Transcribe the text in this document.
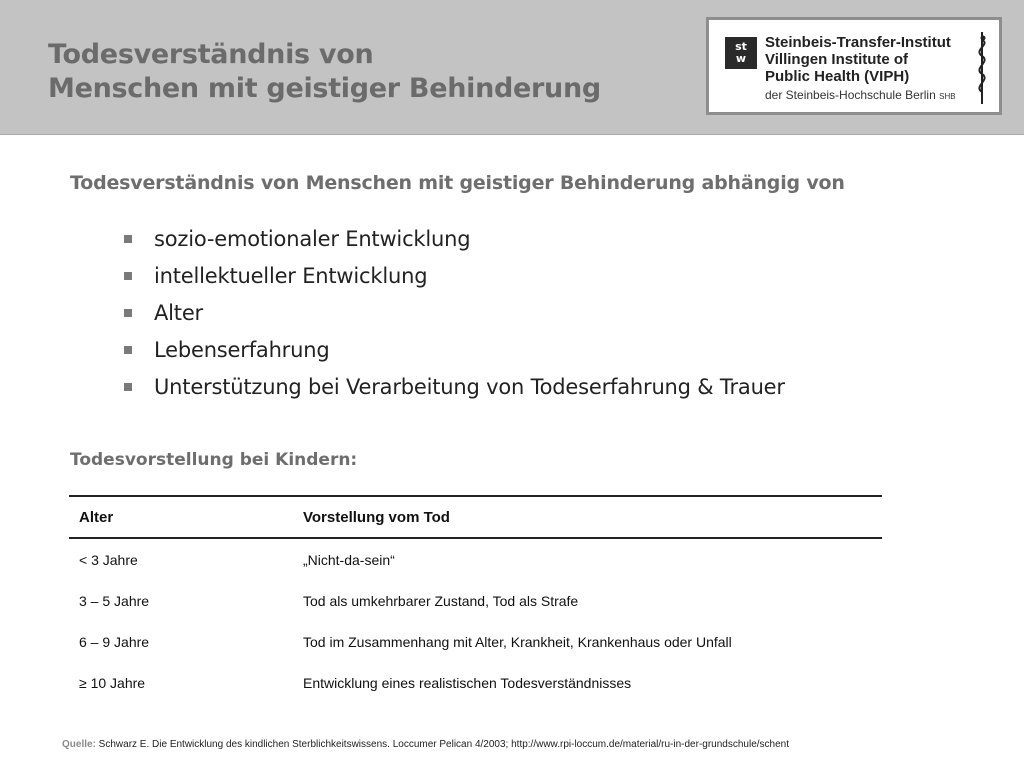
Todesverständnis von
Menschen mit geistiger Behinderung
st
w
Steinbeis-Transfer-Institut
Villingen Institute of
Public Health (VIPH)
der Steinbeis-Hochschule Berlin SHB
Todesverständnis von Menschen mit geistiger Behinderung abhängig von
sozio-emotionaler Entwicklung
intellektueller Entwicklung
Alter
Lebenserfahrung
Unterstützung bei Verarbeitung von Todeserfahrung & Trauer
Todesvorstellung bei Kindern:
Alter	Vorstellung vom Tod
< 3 Jahre	„Nicht-da-sein“
3 – 5 Jahre	Tod als umkehrbarer Zustand, Tod als Strafe
6 – 9 Jahre	Tod im Zusammenhang mit Alter, Krankheit, Krankenhaus oder Unfall
≥ 10 Jahre	Entwicklung eines realistischen Todesverständnisses
Quelle: Schwarz E. Die Entwicklung des kindlichen Sterblichkeitswissens. Loccumer Pelican 4/2003; http://www.rpi-loccum.de/material/ru-in-der-grundschule/schent
